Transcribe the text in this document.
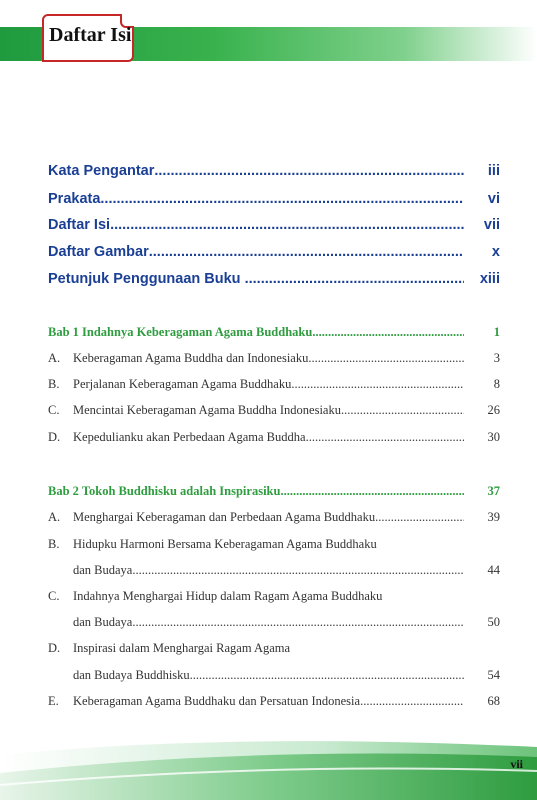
Daftar Isi
Kata Pengantar .....	iii
Prakata .....	vi
Daftar Isi .....	vii
Daftar Gambar .....	x
Petunjuk Penggunaan Buku .....	xiii
Bab 1 Indahnya Keberagaman Agama Buddhaku .....	1
A.	Keberagaman Agama Buddha dan Indonesiaku .....	3
B.	Perjalanan Keberagaman Agama Buddhaku .....	8
C.	Mencintai Keberagaman Agama Buddha Indonesiaku .....	26
D.	Kepedulianku akan Perbedaan Agama Buddha .....	30
Bab 2 Tokoh Buddhisku adalah Inspirasiku .....	37
A.	Menghargai Keberagaman dan Perbedaan Agama Buddhaku .....	39
B.	Hidupku Harmoni Bersama Keberagaman Agama Buddhaku
dan Budaya .....	44
C.	Indahnya Menghargai Hidup dalam Ragam Agama Buddhaku
dan Budaya .....	50
D.	Inspirasi dalam Menghargai Ragam Agama
dan Budaya Buddhisku .....	54
E.	Keberagaman Agama Buddhaku dan Persatuan Indonesia .....	68
vii
